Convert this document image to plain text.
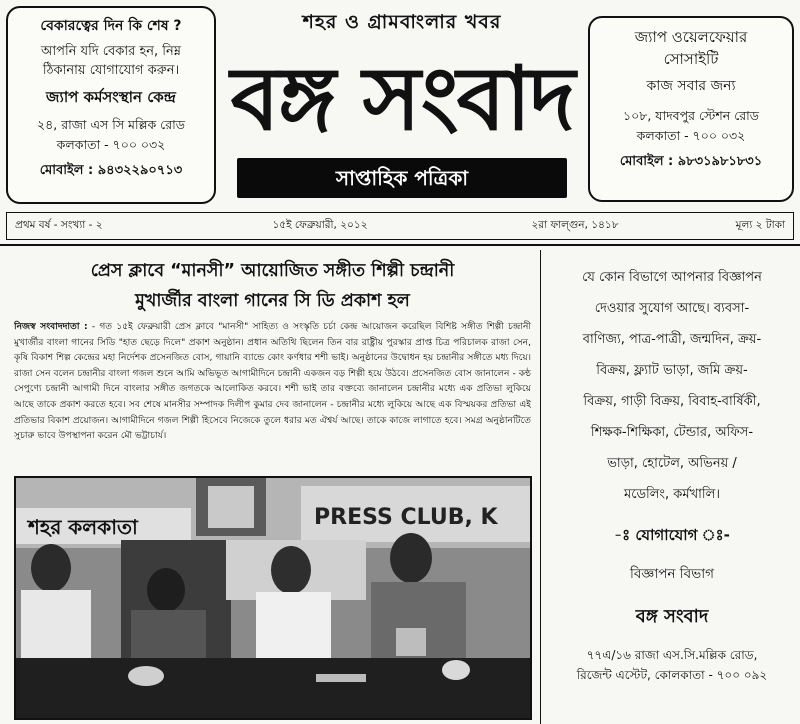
বেকারত্বের দিন কি শেষ ?
আপনি যদি বেকার হন, নিম্ন
ঠিকানায় যোগাযোগ করুন।
জ্যাপ কর্মসংস্থান কেন্দ্র
২৪, রাজা এস সি মল্লিক রোড
কলকাতা - ৭০০ ০৩২
মোবাইল : ৯৪৩২২৯০৭১৩
শহর ও গ্রামবাংলার খবর
বঙ্গ সংবাদ
সাপ্তাহিক পত্রিকা
জ্যাপ ওয়েলফেয়ার
সোসাইটি
কাজ সবার জন্য
১০৮, যাদবপুর স্টেশন রোড
কলকাতা - ৭০০ ০৩২
মোবাইল : ৯৮৩১৯৮১৮৩১
প্রথম বর্ষ - সংখ্যা - ২	১৫ই ফেব্রুয়ারী, ২০১২	২রা ফাল্গুন, ১৪১৮	মূল্য ২ টাকা
প্রেস ক্লাবে “মানসী” আয়োজিত সঙ্গীত শিল্পী চন্দ্রানী
মুখার্জীর বাংলা গানের সি ডি প্রকাশ হল
নিজস্ব সংবাদদাতা : - গত ১৫ই ফেব্রুয়ারী প্রেস ক্লাবে "মানসী" সাহিত্য ও সংস্কৃতি চর্চা কেন্দ্র আয়োজন করেছিল বিশিষ্ট সঙ্গীত শিল্পী চন্দ্রানী মুখার্জীর বাংলা গানের সিডি "হাত ছেড়ে দিলে" প্রকাশ অনুষ্ঠান। প্রধান অতিথি ছিলেন তিন বার রাষ্ট্রীয় পুরস্কার প্রাপ্ত চিত্র পরিচালক রাজা সেন, কৃষি বিকাশ শিল্প কেন্দ্রের মহা নির্দেশক প্রসেনজিত বোস, গায়ানি ব্যান্ডে কোং কর্ণধার শশী ভাই। অনুষ্ঠানের উদ্বোধন হয় চন্দ্রানীর সঙ্গীতে মধ্য দিয়ে। রাজা সেন বলেন চন্দ্রানীর বাংলা গজল শুনে আমি অভিভূত আগামীদিনে চন্দ্রানী একজন বড় শিল্পী হয়ে উঠবে। প্রসেনজিত বোস জানালেন - কন্ঠ সেপুণ্যে চন্দ্রানী আগামী দিনে বাংলার সঙ্গীত জগতকে আলোকিত করবে। শশী ভাই তার বক্তব্যে জানালেন চন্দ্রানীর মধ্যে এক প্রতিভা লুকিয়ে আছে তাকে প্রকাশ করতে হবে। সব শেষে মানসীর সম্পাদক দিলীপ কুমার দেব জানালেন - চন্দ্রানীর মধ্যে লুকিয়ে আছে এক বিস্ময়কর প্রতিভা এই প্রতিভার বিকাশ প্রয়োজন। আগামীদিনে গজল শিল্পী হিসেবে নিজেকে তুলে ধরার মত ঐশ্বর্য আছে। তাকে কাজে লাগাতে হবে। সমগ্র অনুষ্ঠানটিতে সুচারু ভাবে উপস্থাপনা করেন মৌ ভট্টাচার্য।
PRESS CLUB, K
শহর কলকাতা
যে কোন বিভাগে আপনার বিজ্ঞাপন
দেওয়ার সুযোগ আছে। ব্যবসা-
বাণিজ্য, পাত্র-পাত্রী, জন্মদিন, ক্রয়-
বিক্রয়, ফ্ল্যাট ভাড়া, জমি ক্রয়-
বিক্রয়, গাড়ী বিক্রয়, বিবাহ-বার্ষিকী,
শিক্ষক-শিক্ষিকা, টেন্ডার, অফিস-
ভাড়া, হোটেল, অভিনয় /
মডেলিং, কর্মখালি।
-ঃ যোগাযোগ ঃ-
বিজ্ঞাপন বিভাগ
বঙ্গ সংবাদ
৭৭এ/১৬ রাজা এস.সি.মল্লিক রোড,
রিজেন্ট এস্টেট, কোলকাতা - ৭০০ ০৯২
